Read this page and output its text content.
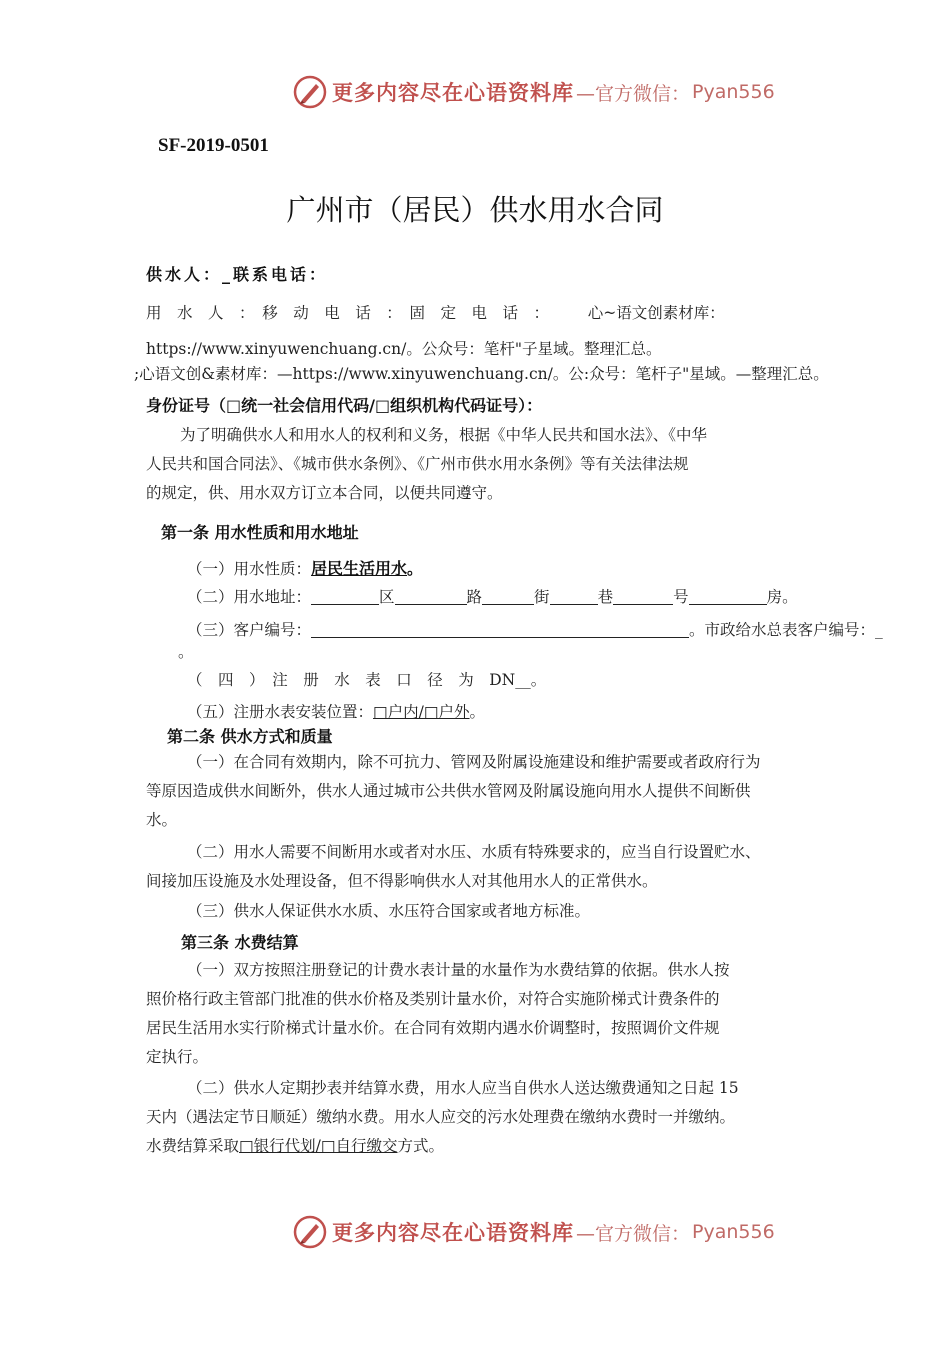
更多内容尽在心语资料库 —官方微信： Pyan556
SF-2019-0501
广州市（居民）供水用水合同
供水人：_联系电话：
用　水　人　：　移　动　电　话　：　固　定　电　话　：　　　心~语文创素材库：
https://www.xinyuwenchuang.cn/。公众号：笔杆"子星域。整理汇总。
;心语文创&素材库：—https://www.xinyuwenchuang.cn/。公:众号：笔杆子"星域。—整理汇总。
身份证号（□统一社会信用代码/□组织机构代码证号）：
为了明确供水人和用水人的权利和义务，根据《中华人民共和国水法》、《中华
人民共和国合同法》、《城市供水条例》、《广州市供水用水条例》等有关法律法规
的规定，供、用水双方订立本合同，以便共同遵守。
第一条 用水性质和用水地址
（一）用水性质：居民生活用水。
（二）用水地址：	区	路	街	巷	号	房。
（三）客户编号：	。市政给水总表客户编号：_
。
（　四　）　注　册　水　表　口　径　为　DN__。
（五）注册水表安装位置：□户内/□户外。
第二条 供水方式和质量
（一）在合同有效期内，除不可抗力、管网及附属设施建设和维护需要或者政府行为
等原因造成供水间断外，供水人通过城市公共供水管网及附属设施向用水人提供不间断供
水。
（二）用水人需要不间断用水或者对水压、水质有特殊要求的，应当自行设置贮水、
间接加压设施及水处理设备，但不得影响供水人对其他用水人的正常供水。
（三）供水人保证供水水质、水压符合国家或者地方标准。
第三条 水费结算
（一）双方按照注册登记的计费水表计量的水量作为水费结算的依据。供水人按
照价格行政主管部门批准的供水价格及类别计量水价，对符合实施阶梯式计费条件的
居民生活用水实行阶梯式计量水价。在合同有效期内遇水价调整时，按照调价文件规
定执行。
（二）供水人定期抄表并结算水费，用水人应当自供水人送达缴费通知之日起 15
天内（遇法定节日顺延）缴纳水费。用水人应交的污水处理费在缴纳水费时一并缴纳。
水费结算采取□银行代划/□自行缴交方式。
更多内容尽在心语资料库 —官方微信： Pyan556
